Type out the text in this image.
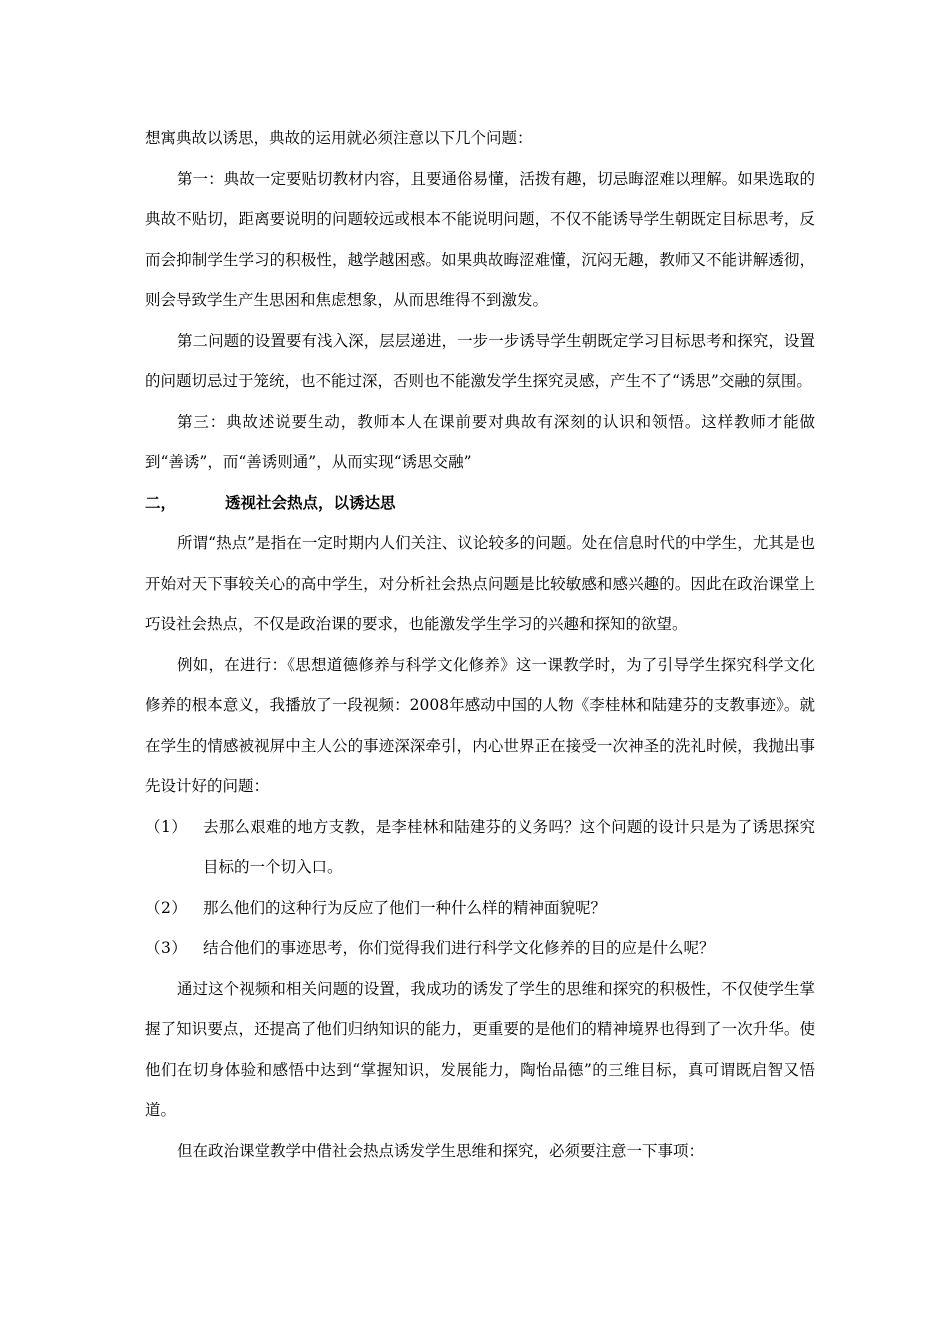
想寓典故以诱思，典故的运用就必须注意以下几个问题：

第一：典故一定要贴切教材内容，且要通俗易懂，活拨有趣，切忌晦涩难以理解。如果选取的典故不贴切，距离要说明的问题较远或根本不能说明问题，不仅不能诱导学生朝既定目标思考，反而会抑制学生学习的积极性，越学越困惑。如果典故晦涩难懂，沉闷无趣，教师又不能讲解透彻，则会导致学生产生思困和焦虑想象，从而思维得不到激发。

第二问题的设置要有浅入深，层层递进，一步一步诱导学生朝既定学习目标思考和探究，设置的问题切忌过于笼统，也不能过深，否则也不能激发学生探究灵感，产生不了“诱思”交融的氛围。

第三：典故述说要生动，教师本人在课前要对典故有深刻的认识和领悟。这样教师才能做到“善诱”，而“善诱则通”，从而实现“诱思交融”

二，	透视社会热点，以诱达思

所谓“热点”是指在一定时期内人们关注、议论较多的问题。处在信息时代的中学生，尤其是也开始对天下事较关心的高中学生，对分析社会热点问题是比较敏感和感兴趣的。因此在政治课堂上巧设社会热点，不仅是政治课的要求，也能激发学生学习的兴趣和探知的欲望。

例如，在进行：《思想道德修养与科学文化修养》这一课教学时，为了引导学生探究科学文化修养的根本意义，我播放了一段视频：2008年感动中国的人物《李桂林和陆建芬的支教事迹》。就在学生的情感被视屏中主人公的事迹深深牵引，内心世界正在接受一次神圣的洗礼时候，我抛出事先设计好的问题：

（1）	去那么艰难的地方支教，是李桂林和陆建芬的义务吗？这个问题的设计只是为了诱思探究目标的一个切入口。
（2）	那么他们的这种行为反应了他们一种什么样的精神面貌呢？
（3）	结合他们的事迹思考，你们觉得我们进行科学文化修养的目的应是什么呢？

通过这个视频和相关问题的设置，我成功的诱发了学生的思维和探究的积极性，不仅使学生掌握了知识要点，还提高了他们归纳知识的能力，更重要的是他们的精神境界也得到了一次升华。使他们在切身体验和感悟中达到“掌握知识，发展能力，陶怡品德”的三维目标，真可谓既启智又悟道。

但在政治课堂教学中借社会热点诱发学生思维和探究，必须要注意一下事项：
